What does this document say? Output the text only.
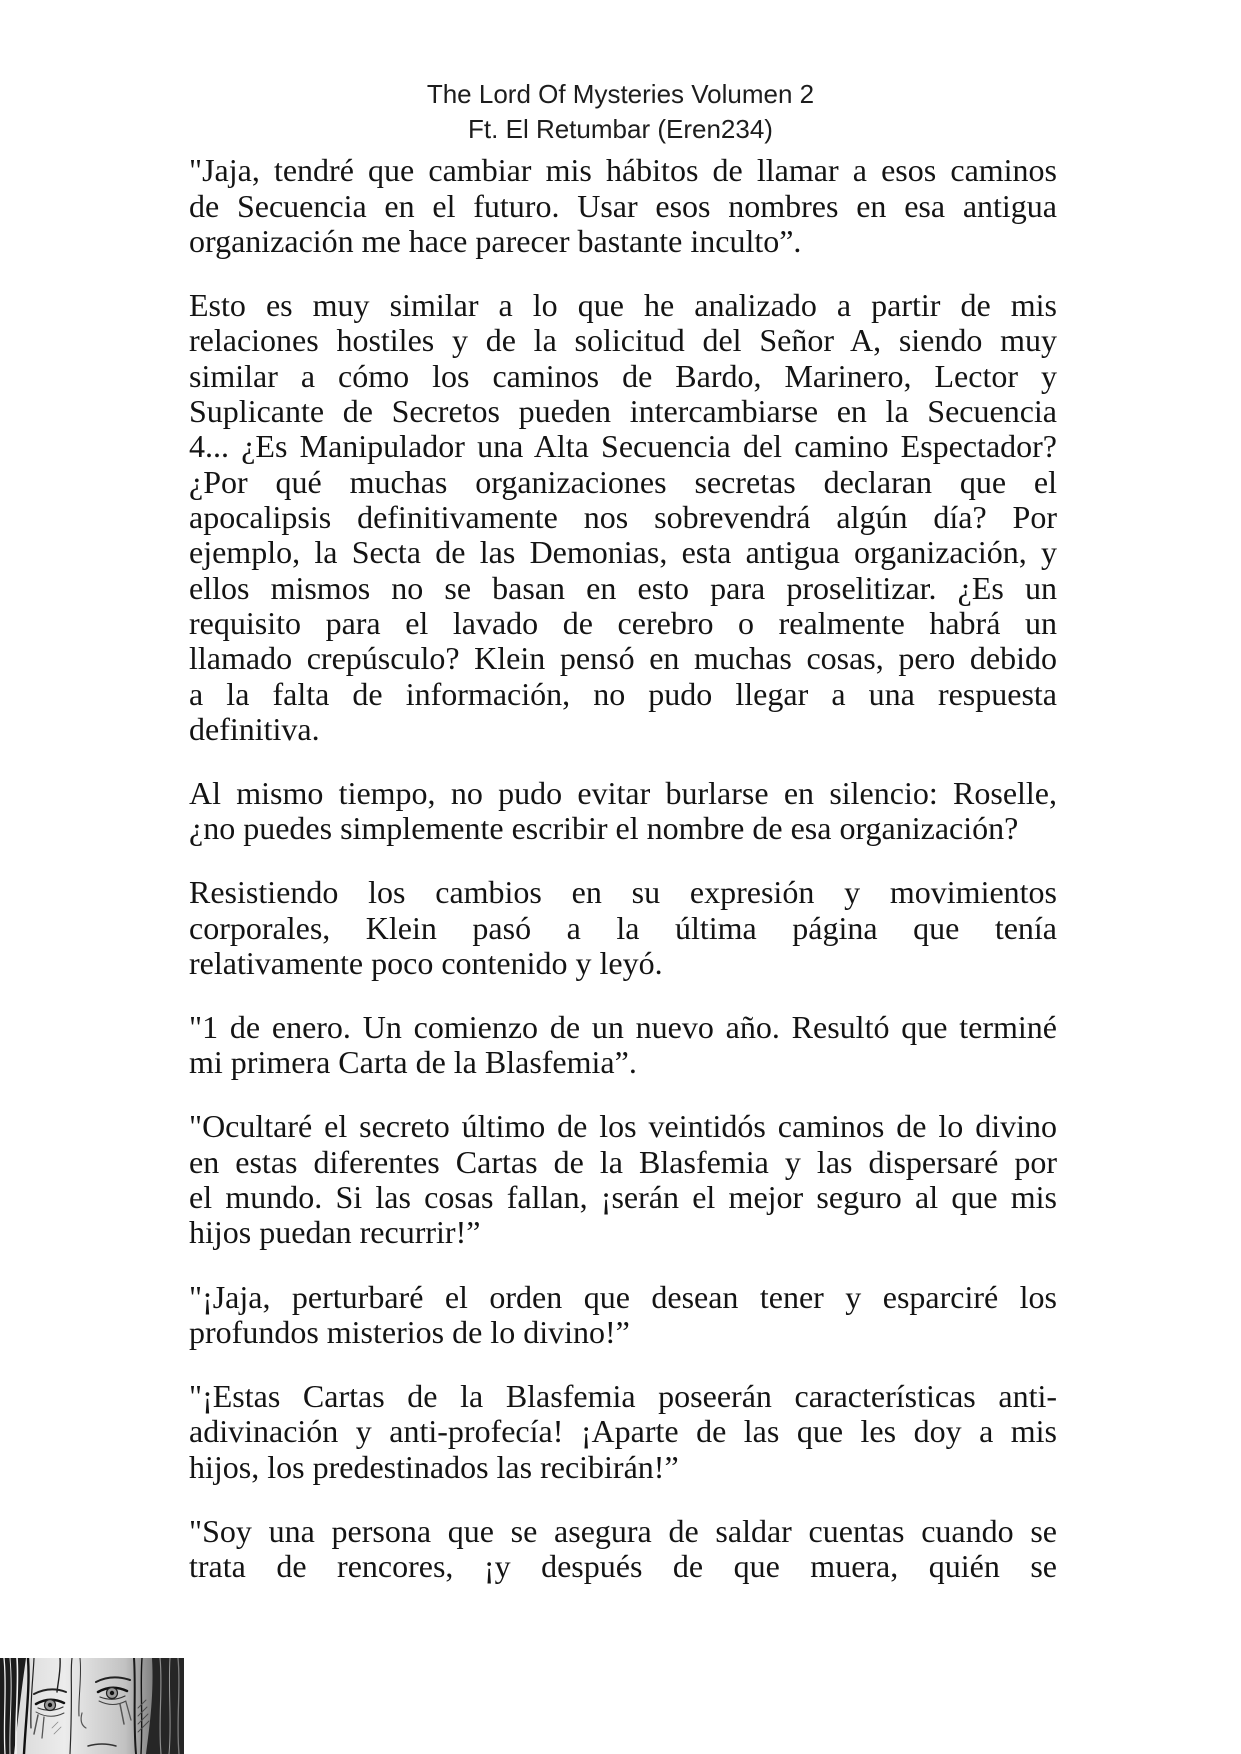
The Lord Of Mysteries Volumen 2
Ft. El Retumbar (Eren234)
"Jaja, tendré que cambiar mis hábitos de llamar a esos caminos
de Secuencia en el futuro. Usar esos nombres en esa antigua
organización me hace parecer bastante inculto”.
Esto es muy similar a lo que he analizado a partir de mis
relaciones hostiles y de la solicitud del Señor A, siendo muy
similar a cómo los caminos de Bardo, Marinero, Lector y
Suplicante de Secretos pueden intercambiarse en la Secuencia
4... ¿Es Manipulador una Alta Secuencia del camino Espectador?
¿Por qué muchas organizaciones secretas declaran que el
apocalipsis definitivamente nos sobrevendrá algún día? Por
ejemplo, la Secta de las Demonias, esta antigua organización, y
ellos mismos no se basan en esto para proselitizar. ¿Es un
requisito para el lavado de cerebro o realmente habrá un
llamado crepúsculo? Klein pensó en muchas cosas, pero debido
a la falta de información, no pudo llegar a una respuesta
definitiva.
Al mismo tiempo, no pudo evitar burlarse en silencio: Roselle,
¿no puedes simplemente escribir el nombre de esa organización?
Resistiendo los cambios en su expresión y movimientos
corporales, Klein pasó a la última página que tenía
relativamente poco contenido y leyó.
"1 de enero. Un comienzo de un nuevo año. Resultó que terminé
mi primera Carta de la Blasfemia”.
"Ocultaré el secreto último de los veintidós caminos de lo divino
en estas diferentes Cartas de la Blasfemia y las dispersaré por
el mundo. Si las cosas fallan, ¡serán el mejor seguro al que mis
hijos puedan recurrir!”
"¡Jaja, perturbaré el orden que desean tener y esparciré los
profundos misterios de lo divino!”
"¡Estas Cartas de la Blasfemia poseerán características anti-
adivinación y anti-profecía! ¡Aparte de las que les doy a mis
hijos, los predestinados las recibirán!”
"Soy una persona que se asegura de saldar cuentas cuando se
trata de rencores, ¡y después de que muera, quién se
